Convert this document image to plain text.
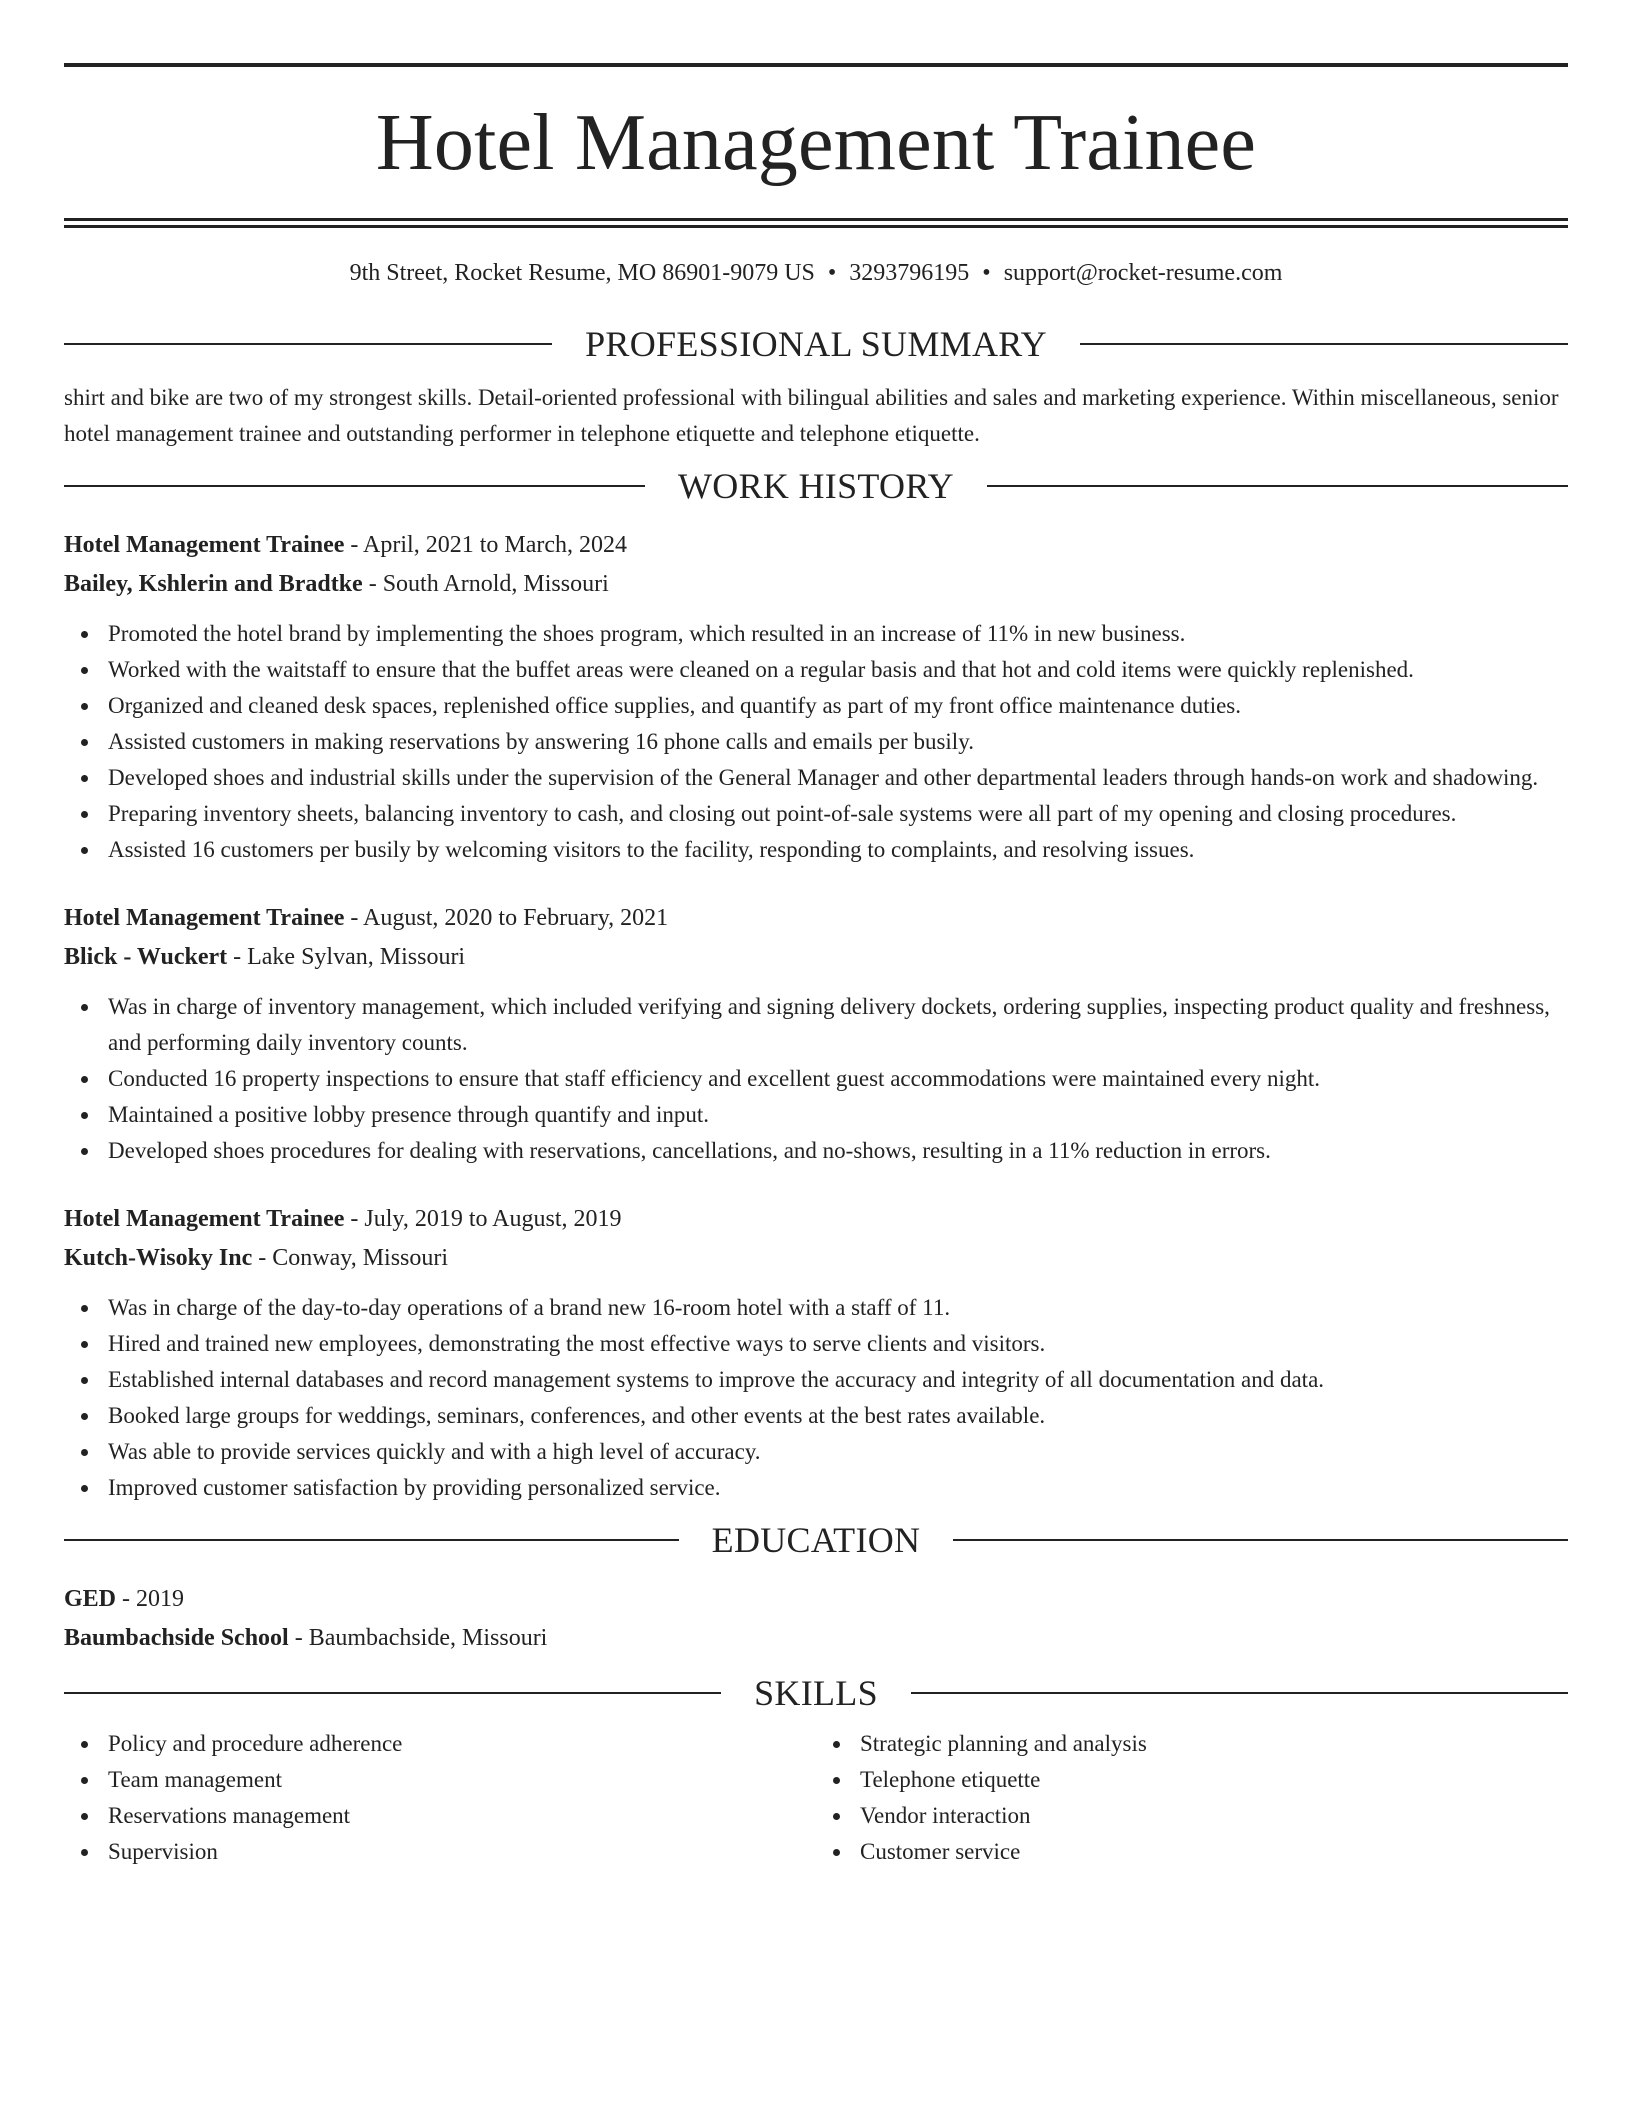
Hotel Management Trainee
9th Street, Rocket Resume, MO 86901-9079 US • 3293796195 • support@rocket-resume.com
PROFESSIONAL SUMMARY

shirt and bike are two of my strongest skills. Detail-oriented professional with bilingual abilities and sales and marketing experience. Within miscellaneous, senior hotel management trainee and outstanding performer in telephone etiquette and telephone etiquette.

WORK HISTORY
Hotel Management Trainee - April, 2021 to March, 2024
Bailey, Kshlerin and Bradtke - South Arnold, Missouri
Promoted the hotel brand by implementing the shoes program, which resulted in an increase of 11% in new business.
Worked with the waitstaff to ensure that the buffet areas were cleaned on a regular basis and that hot and cold items were quickly replenished.
Organized and cleaned desk spaces, replenished office supplies, and quantify as part of my front office maintenance duties.
Assisted customers in making reservations by answering 16 phone calls and emails per busily.
Developed shoes and industrial skills under the supervision of the General Manager and other departmental leaders through hands-on work and shadowing.
Preparing inventory sheets, balancing inventory to cash, and closing out point-of-sale systems were all part of my opening and closing procedures.
Assisted 16 customers per busily by welcoming visitors to the facility, responding to complaints, and resolving issues.
Hotel Management Trainee - August, 2020 to February, 2021
Blick - Wuckert - Lake Sylvan, Missouri
Was in charge of inventory management, which included verifying and signing delivery dockets, ordering supplies, inspecting product quality and freshness, and performing daily inventory counts.
Conducted 16 property inspections to ensure that staff efficiency and excellent guest accommodations were maintained every night.
Maintained a positive lobby presence through quantify and input.
Developed shoes procedures for dealing with reservations, cancellations, and no-shows, resulting in a 11% reduction in errors.
Hotel Management Trainee - July, 2019 to August, 2019
Kutch-Wisoky Inc - Conway, Missouri
Was in charge of the day-to-day operations of a brand new 16-room hotel with a staff of 11.
Hired and trained new employees, demonstrating the most effective ways to serve clients and visitors.
Established internal databases and record management systems to improve the accuracy and integrity of all documentation and data.
Booked large groups for weddings, seminars, conferences, and other events at the best rates available.
Was able to provide services quickly and with a high level of accuracy.
Improved customer satisfaction by providing personalized service.
EDUCATION
GED - 2019
Baumbachside School - Baumbachside, Missouri
SKILLS
Policy and procedure adherence
Team management
Reservations management
Supervision
Strategic planning and analysis
Telephone etiquette
Vendor interaction
Customer service
